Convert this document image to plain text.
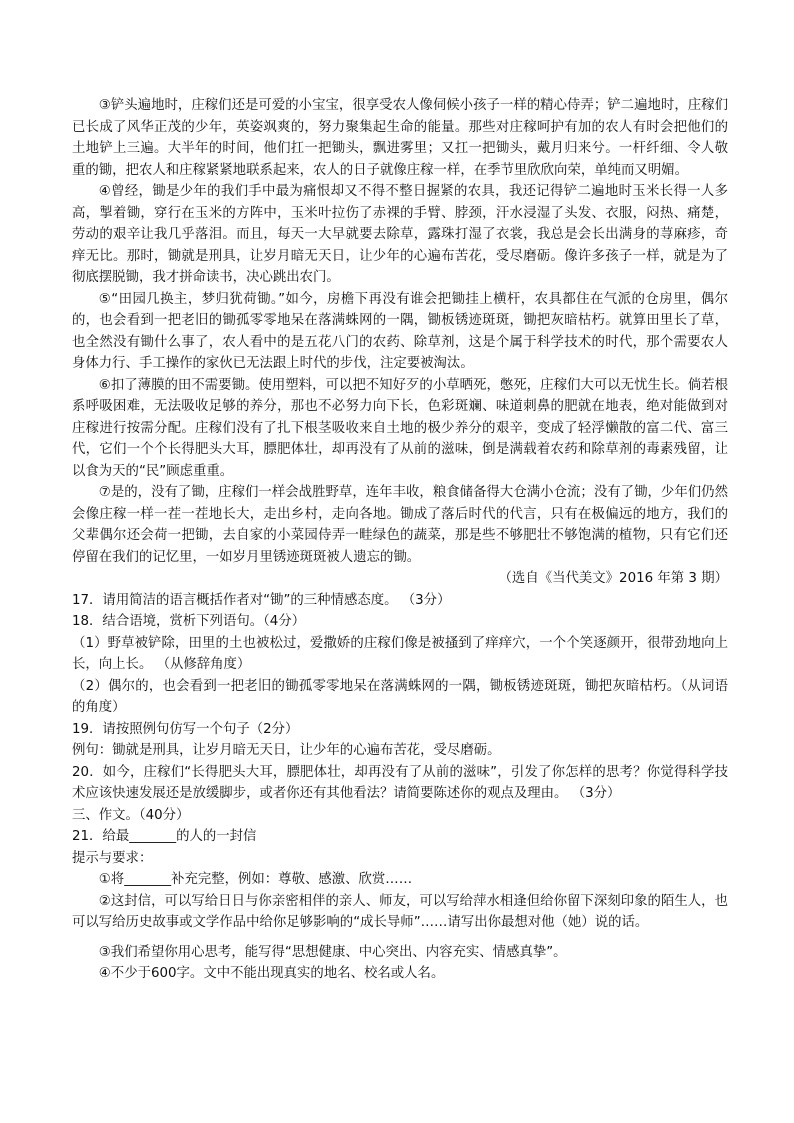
③铲头遍地时，庄稼们还是可爱的小宝宝，很享受农人像伺候小孩子一样的精心侍弄；铲二遍地时，庄稼们已长成了风华正茂的少年，英姿飒爽的，努力聚集起生命的能量。那些对庄稼呵护有加的农人有时会把他们的土地铲上三遍。大半年的时间，他们扛一把锄头，飘进雾里；又扛一把锄头，戴月归来兮。一杆纤细、令人敬重的锄，把农人和庄稼紧紧地联系起来，农人的日子就像庄稼一样，在季节里欣欣向荣，单纯而又明媚。

④曾经，锄是少年的我们手中最为痛恨却又不得不整日握紧的农具，我还记得铲二遍地时玉米长得一人多高，掣着锄，穿行在玉米的方阵中，玉米叶拉伤了赤裸的手臂、脖颈，汗水浸湿了头发、衣服，闷热、痛楚，劳动的艰辛让我几乎落泪。而且，每天一大早就要去除草，露珠打湿了衣裳，我总是会长出满身的荨麻疹，奇痒无比。那时，锄就是刑具，让岁月暗无天日，让少年的心遍布苦花，受尽磨砺。像许多孩子一样，就是为了彻底摆脱锄，我才拼命读书，决心跳出农门。

⑤“田园几换主，梦归犹荷锄。”如今，房檐下再没有谁会把锄挂上横杆，农具都住在气派的仓房里，偶尔的，也会看到一把老旧的锄孤零零地呆在落满蛛网的一隅，锄板锈迹斑斑，锄把灰暗枯朽。就算田里长了草，也全然没有锄什么事了，农人看中的是五花八门的农药、除草剂，这是个属于科学技术的时代，那个需要农人身体力行、手工操作的家伙已无法跟上时代的步伐，注定要被淘汰。

⑥扣了薄膜的田不需要锄。使用塑料，可以把不知好歹的小草晒死，憋死，庄稼们大可以无忧生长。倘若根系呼吸困难，无法吸收足够的养分，那也不必努力向下长，色彩斑斓、味道刺鼻的肥就在地表，绝对能做到对庄稼进行按需分配。庄稼们没有了扎下根茎吸收来自土地的极少养分的艰辛，变成了轻浮懒散的富二代、富三代，它们一个个长得肥头大耳，膘肥体壮，却再没有了从前的滋味，倒是满载着农药和除草剂的毒素残留，让以食为天的“民”顾虑重重。

⑦是的，没有了锄，庄稼们一样会战胜野草，连年丰收，粮食储备得大仓满小仓流；没有了锄，少年们仍然会像庄稼一样一茬一茬地长大，走出乡村，走向各地。锄成了落后时代的代言，只有在极偏远的地方，我们的父辈偶尔还会荷一把锄，去自家的小菜园侍弄一畦绿色的蔬菜，那是些不够肥壮不够饱满的植物，只有它们还停留在我们的记忆里，一如岁月里锈迹斑斑被人遗忘的锄。

（选自《当代美文》2016 年第 3 期）

17．请用简洁的语言概括作者对“锄”的三种情感态度。 （3分）

18．结合语境，赏析下列语句。（4分）

（1）野草被铲除，田里的土也被松过，爱撒娇的庄稼们像是被搔到了痒痒穴，一个个笑逐颜开，很带劲地向上长，向上长。 （从修辞角度）

（2）偶尔的，也会看到一把老旧的锄孤零零地呆在落满蛛网的一隅，锄板锈迹斑斑，锄把灰暗枯朽。（从词语的角度）

19．请按照例句仿写一个句子（2分）

例句：锄就是刑具，让岁月暗无天日，让少年的心遍布苦花，受尽磨砺。

20．如今，庄稼们“长得肥头大耳，膘肥体壮，却再没有了从前的滋味”，引发了你怎样的思考？你觉得科学技术应该快速发展还是放缓脚步，或者你还有其他看法？请简要陈述你的观点及理由。 （3分）

三、作文。（40分）

21．给最_______的人的一封信

提示与要求：

①将_______补充完整，例如：尊敬、感激、欣赏……

②这封信，可以写给日日与你亲密相伴的亲人、师友，可以写给萍水相逢但给你留下深刻印象的陌生人，也可以写给历史故事或文学作品中给你足够影响的“成长导师”……请写出你最想对他（她）说的话。

③我们希望你用心思考，能写得“思想健康、中心突出、内容充实、情感真挚”。

④不少于600字。文中不能出现真实的地名、校名或人名。
